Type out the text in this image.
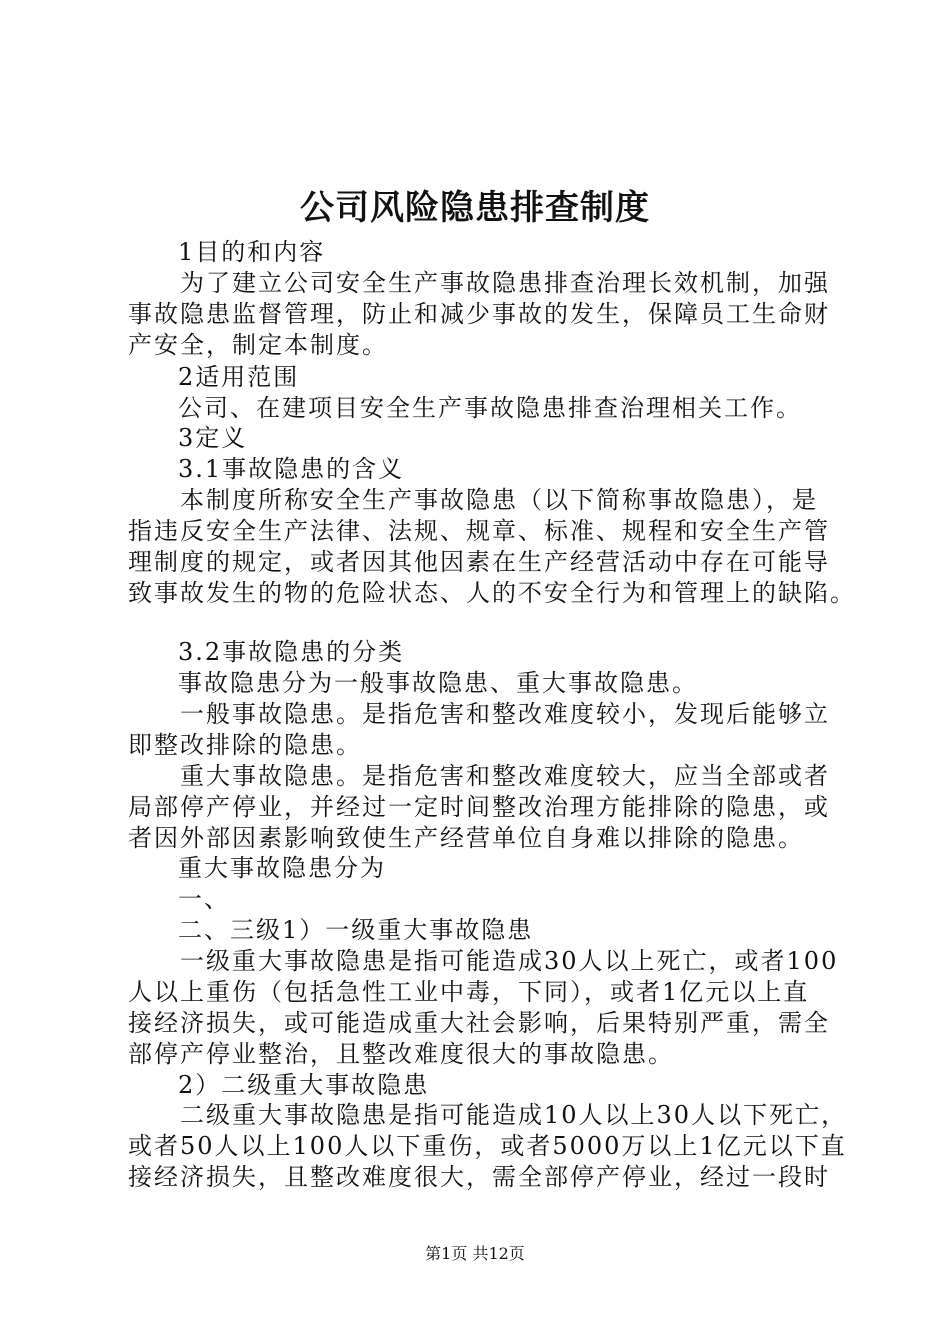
公司风险隐患排查制度
1目的和内容
为了建立公司安全生产事故隐患排查治理长效机制，加强
事故隐患监督管理，防止和减少事故的发生，保障员工生命财
产安全，制定本制度。
2适用范围
公司、在建项目安全生产事故隐患排查治理相关工作。
3定义
3.1事故隐患的含义
本制度所称安全生产事故隐患（以下简称事故隐患），是
指违反安全生产法律、法规、规章、标准、规程和安全生产管
理制度的规定，或者因其他因素在生产经营活动中存在可能导
致事故发生的物的危险状态、人的不安全行为和管理上的缺陷。
3.2事故隐患的分类
事故隐患分为一般事故隐患、重大事故隐患。
一般事故隐患。是指危害和整改难度较小，发现后能够立
即整改排除的隐患。
重大事故隐患。是指危害和整改难度较大，应当全部或者
局部停产停业，并经过一定时间整改治理方能排除的隐患，或
者因外部因素影响致使生产经营单位自身难以排除的隐患。
重大事故隐患分为
一、
二、三级1）一级重大事故隐患
一级重大事故隐患是指可能造成30人以上死亡，或者100
人以上重伤（包括急性工业中毒，下同），或者1亿元以上直
接经济损失，或可能造成重大社会影响，后果特别严重，需全
部停产停业整治，且整改难度很大的事故隐患。
2）二级重大事故隐患
二级重大事故隐患是指可能造成10人以上30人以下死亡，
或者50人以上100人以下重伤，或者5000万以上1亿元以下直
接经济损失，且整改难度很大，需全部停产停业，经过一段时
第1页 共12页
